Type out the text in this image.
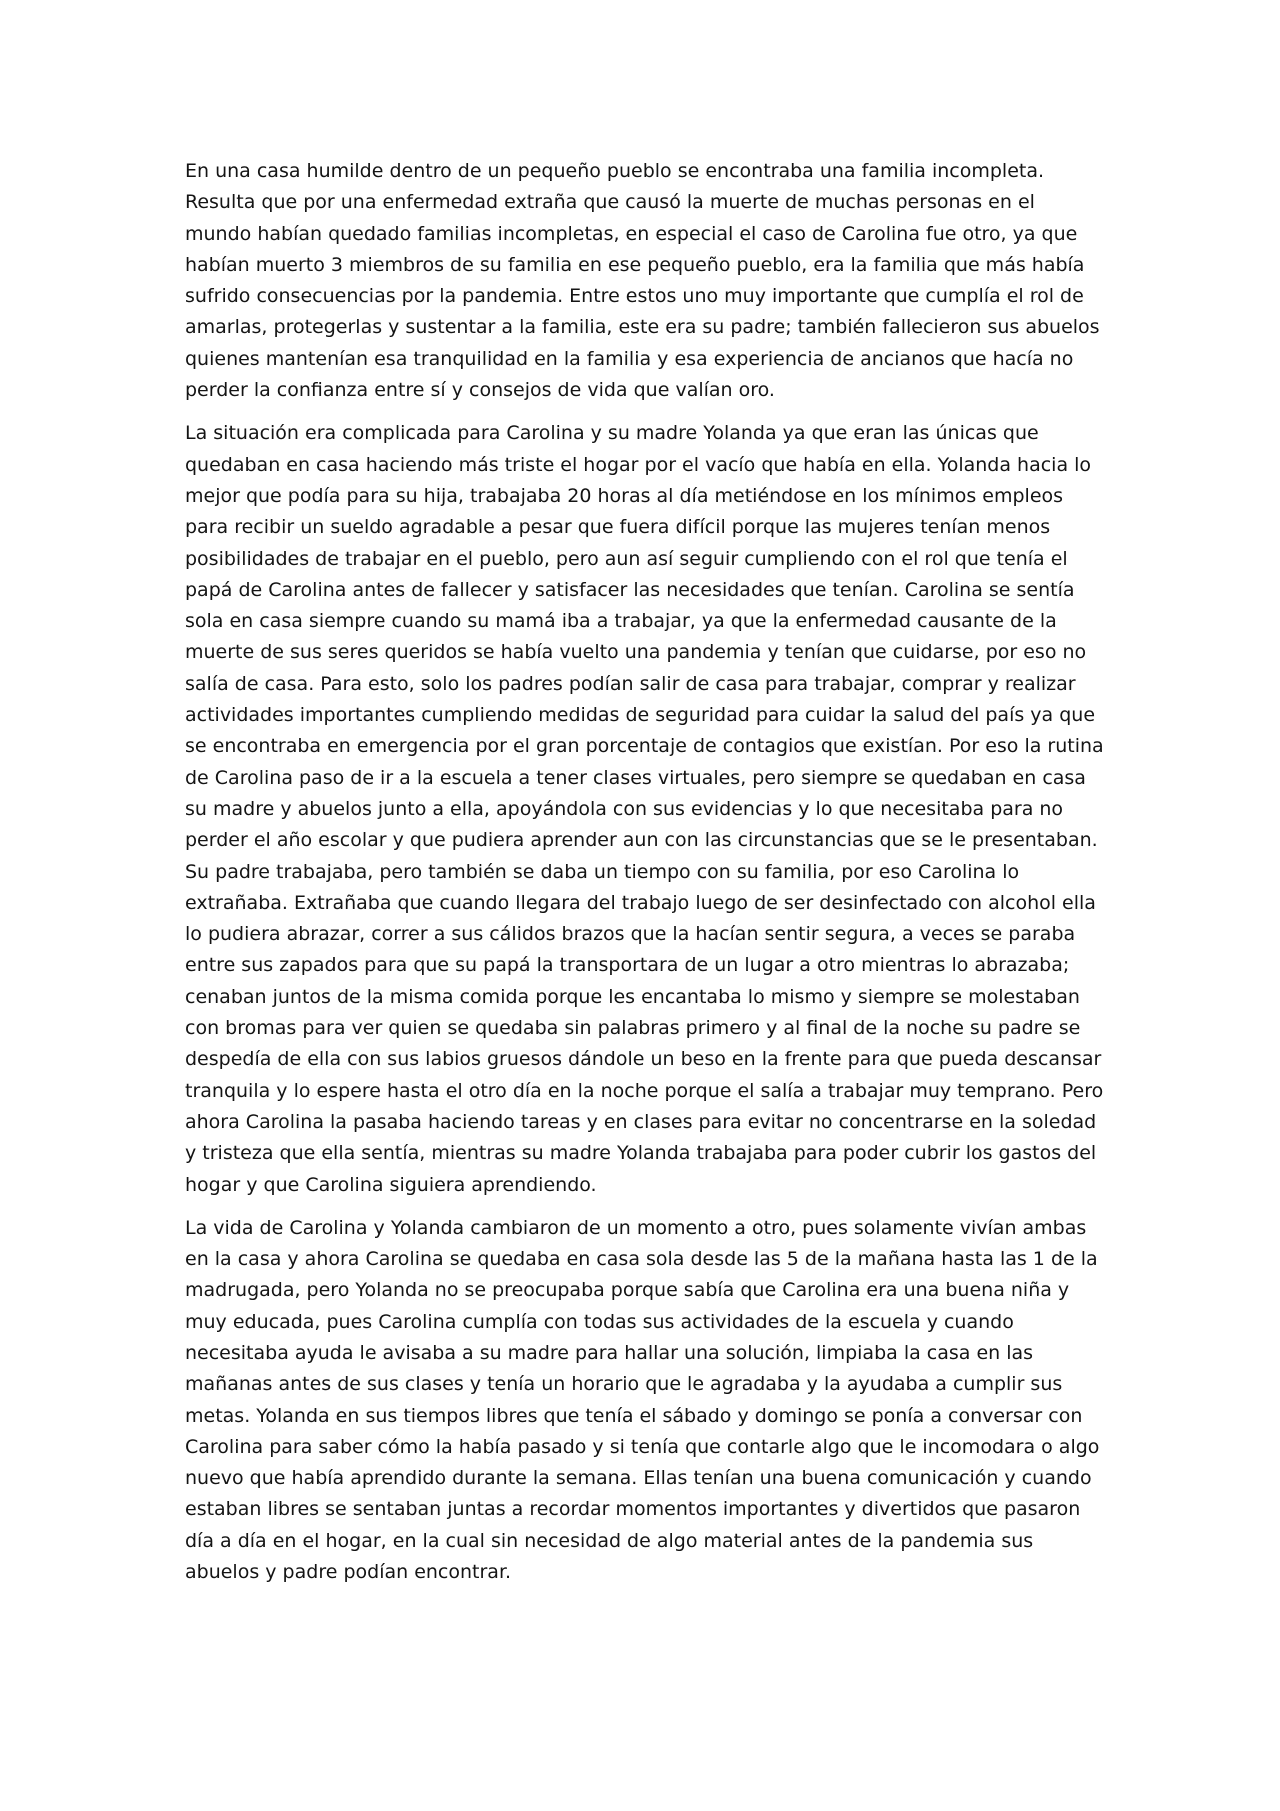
En una casa humilde dentro de un pequeño pueblo se encontraba una familia incompleta. Resulta que por una enfermedad extraña que causó la muerte de muchas personas en el mundo habían quedado familias incompletas, en especial el caso de Carolina fue otro, ya que habían muerto 3 miembros de su familia en ese pequeño pueblo, era la familia que más había sufrido consecuencias por la pandemia. Entre estos uno muy importante que cumplía el rol de amarlas, protegerlas y sustentar a la familia, este era su padre; también fallecieron sus abuelos quienes mantenían esa tranquilidad en la familia y esa experiencia de ancianos que hacía no perder la confianza entre sí y consejos de vida que valían oro.

La situación era complicada para Carolina y su madre Yolanda ya que eran las únicas que quedaban en casa haciendo más triste el hogar por el vacío que había en ella. Yolanda hacia lo mejor que podía para su hija, trabajaba 20 horas al día metiéndose en los mínimos empleos para recibir un sueldo agradable a pesar que fuera difícil porque las mujeres tenían menos posibilidades de trabajar en el pueblo, pero aun así seguir cumpliendo con el rol que tenía el papá de Carolina antes de fallecer y satisfacer las necesidades que tenían. Carolina se sentía sola en casa siempre cuando su mamá iba a trabajar, ya que la enfermedad causante de la muerte de sus seres queridos se había vuelto una pandemia y tenían que cuidarse, por eso no salía de casa. Para esto, solo los padres podían salir de casa para trabajar, comprar y realizar actividades importantes cumpliendo medidas de seguridad para cuidar la salud del país ya que se encontraba en emergencia por el gran porcentaje de contagios que existían. Por eso la rutina de Carolina paso de ir a la escuela a tener clases virtuales, pero siempre se quedaban en casa su madre y abuelos junto a ella, apoyándola con sus evidencias y lo que necesitaba para no perder el año escolar y que pudiera aprender aun con las circunstancias que se le presentaban. Su padre trabajaba, pero también se daba un tiempo con su familia, por eso Carolina lo extrañaba. Extrañaba que cuando llegara del trabajo luego de ser desinfectado con alcohol ella lo pudiera abrazar, correr a sus cálidos brazos que la hacían sentir segura, a veces se paraba entre sus zapados para que su papá la transportara de un lugar a otro mientras lo abrazaba; cenaban juntos de la misma comida porque les encantaba lo mismo y siempre se molestaban con bromas para ver quien se quedaba sin palabras primero y al final de la noche su padre se despedía de ella con sus labios gruesos dándole un beso en la frente para que pueda descansar tranquila y lo espere hasta el otro día en la noche porque el salía a trabajar muy temprano. Pero ahora Carolina la pasaba haciendo tareas y en clases para evitar no concentrarse en la soledad y tristeza que ella sentía, mientras su madre Yolanda trabajaba para poder cubrir los gastos del hogar y que Carolina siguiera aprendiendo.

La vida de Carolina y Yolanda cambiaron de un momento a otro, pues solamente vivían ambas en la casa y ahora Carolina se quedaba en casa sola desde las 5 de la mañana hasta las 1 de la madrugada, pero Yolanda no se preocupaba porque sabía que Carolina era una buena niña y muy educada, pues Carolina cumplía con todas sus actividades de la escuela y cuando necesitaba ayuda le avisaba a su madre para hallar una solución, limpiaba la casa en las mañanas antes de sus clases y tenía un horario que le agradaba y la ayudaba a cumplir sus metas. Yolanda en sus tiempos libres que tenía el sábado y domingo se ponía a conversar con Carolina para saber cómo la había pasado y si tenía que contarle algo que le incomodara o algo nuevo que había aprendido durante la semana. Ellas tenían una buena comunicación y cuando estaban libres se sentaban juntas a recordar momentos importantes y divertidos que pasaron día a día en el hogar, en la cual sin necesidad de algo material antes de la pandemia sus abuelos y padre podían encontrar.
